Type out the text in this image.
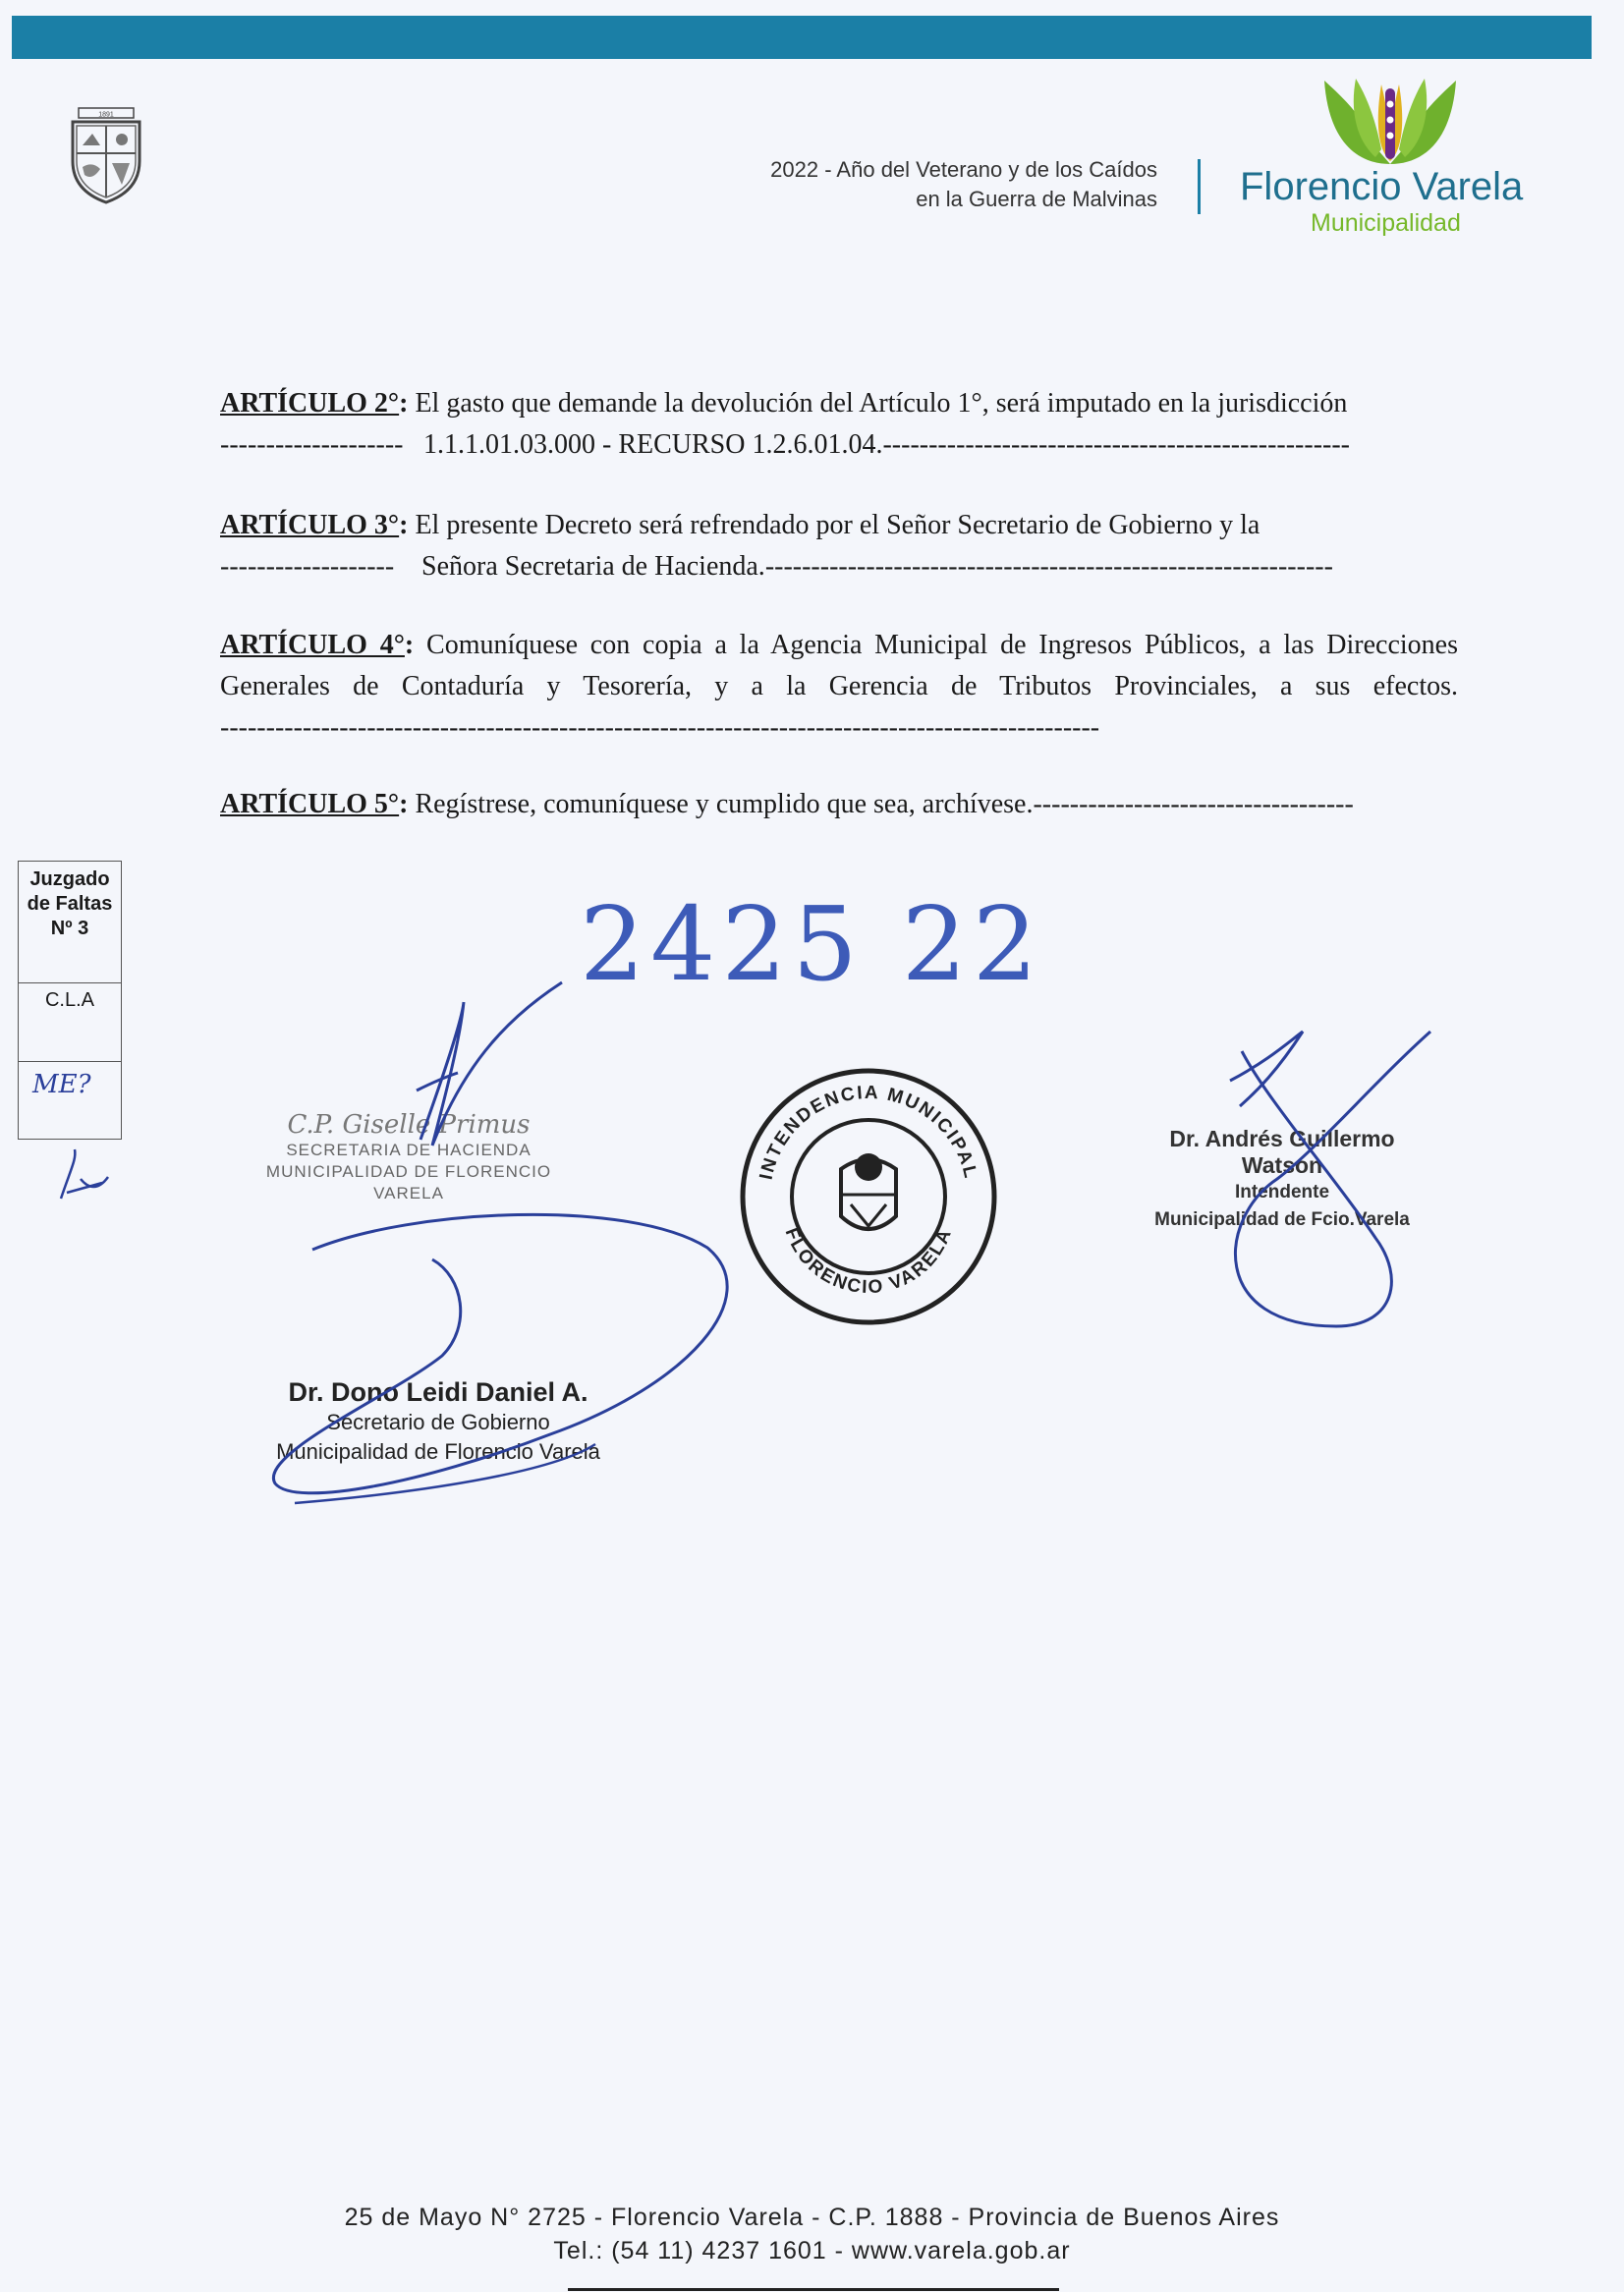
1891
2022 - Año del Veterano y de los Caídos
en la Guerra de Malvinas Florencio Varela
Municipalidad

ARTÍCULO 2°: El gasto que demande la devolución del Artículo 1°, será imputado en la jurisdicción
-------------------- 1.1.1.01.03.000 - RECURSO 1.2.6.01.04.---------------------------------------------------

ARTÍCULO 3°: El presente Decreto será refrendado por el Señor Secretario de Gobierno y la
------------------- Señora Secretaria de Hacienda.--------------------------------------------------------------

ARTÍCULO 4°: Comuníquese con copia a la Agencia Municipal de Ingresos Públicos, a las Direcciones Generales de Contaduría y Tesorería, y a la Gerencia de Tributos Provinciales, a sus efectos.------------------------------------------------------------------------------------------------

ARTÍCULO 5°: Regístrese, comuníquese y cumplido que sea, archívese.-----------------------------------

Juzgado de Faltas Nº 3
C.L.A
ME?
2425 22
C.P. Giselle Primus
SECRETARIA DE HACIENDA
MUNICIPALIDAD DE FLORENCIO VARELA
Dr. Andrés Guillermo Watson
Intendente
Municipalidad de Fcio.Varela
Dr. Dono Leidi Daniel A.
Secretario de Gobierno
Municipalidad de Florencio Varela
INTENDENCIA MUNICIPAL
FLORENCIO VARELA
25 de Mayo N° 2725 - Florencio Varela - C.P. 1888 - Provincia de Buenos Aires
Tel.: (54 11) 4237 1601 - www.varela.gob.ar
